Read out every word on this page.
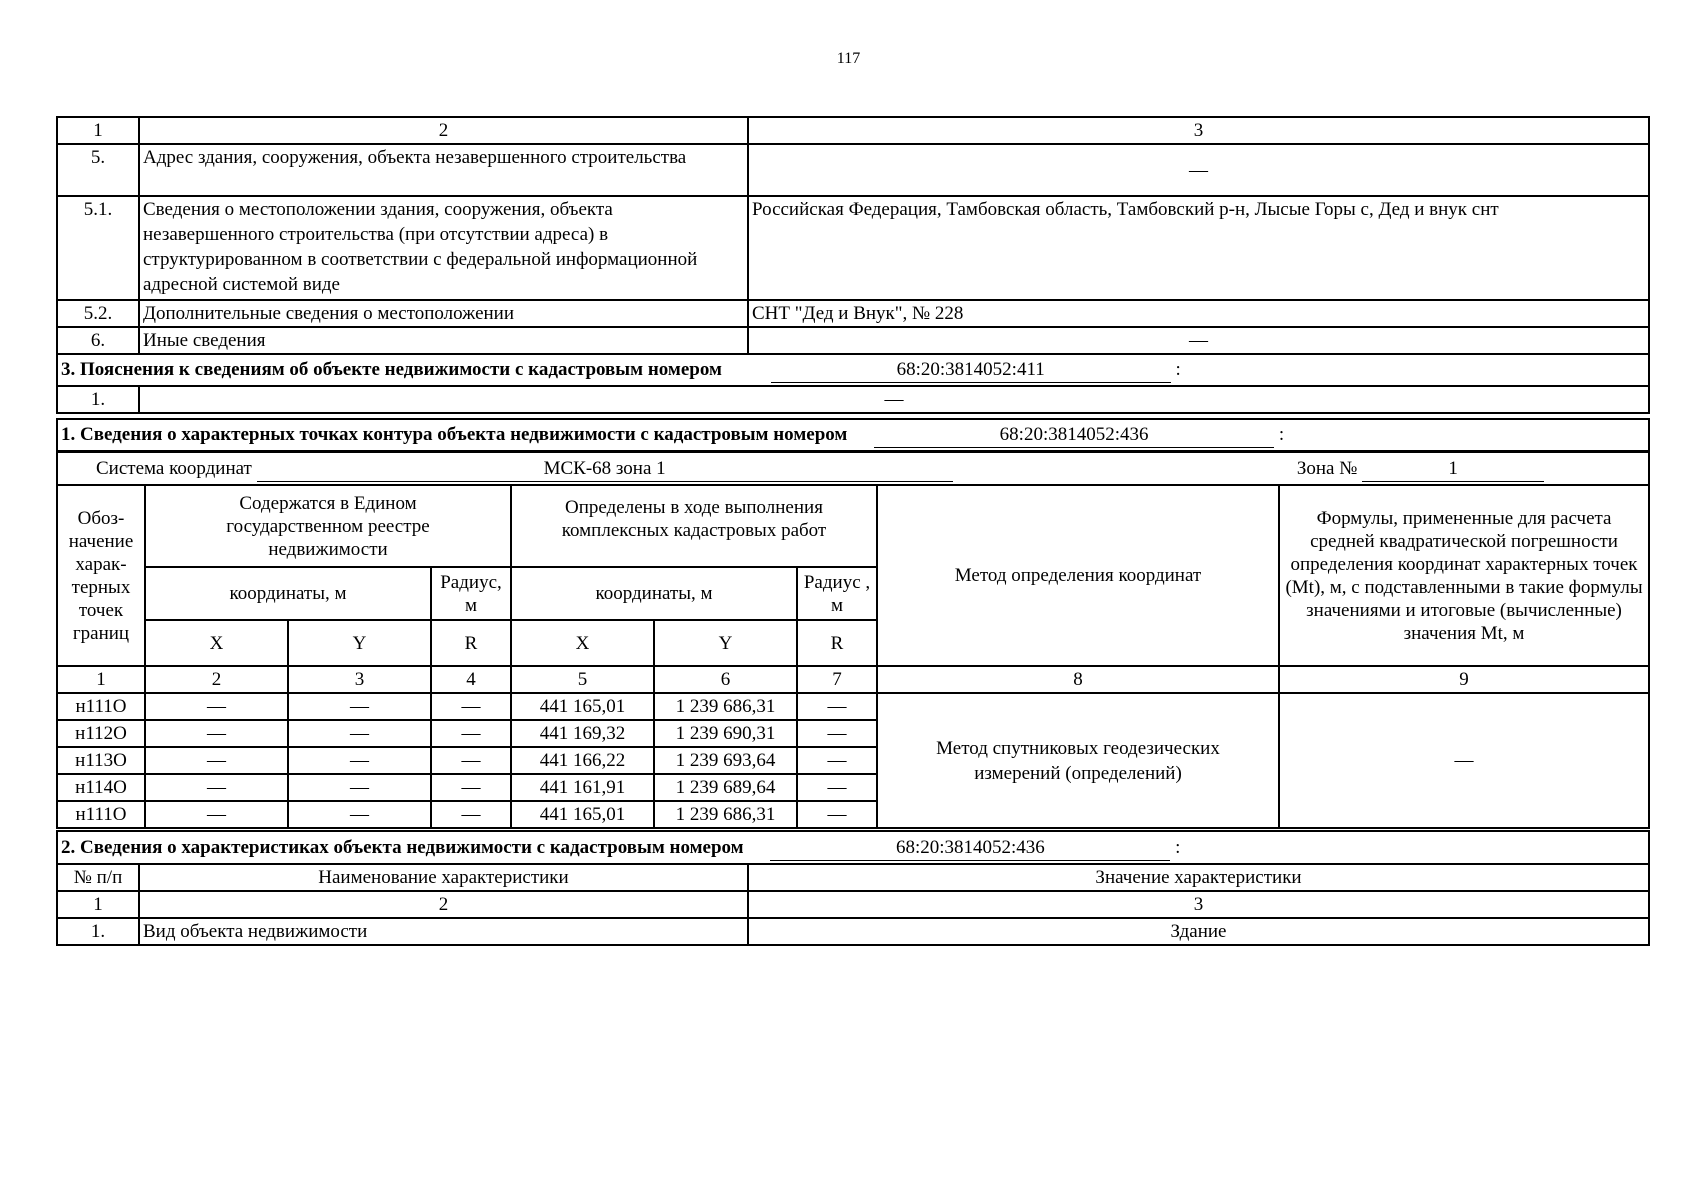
117
1	2	3
5.	Адрес здания, сооружения, объекта незавершенного строительства	—
5.1.	Сведения о местоположении здания, сооружения, объекта незавершенного строительства (при отсутствии адреса) в структурированном в соответствии с федеральной информационной адресной системой виде	Российская Федерация, Тамбовская область, Тамбовский р-н, Лысые Горы с, Дед и внук снт
5.2.	Дополнительные сведения о местоположении	СНТ "Дед и Внук", № 228
6.	Иные сведения	—
3. Пояснения к сведениям об объекте недвижимости с кадастровым номером 68:20:3814052:411 :		
1.	—	

1. Сведения о характерных точках контура объекта недвижимости с кадастровым номером 68:20:3814052:436 :		
Система координат МСК-68 зона 1 Зона № 1								
Обоз-начение харак-терных точек границ	Содержатся в Едином государственном реестре недвижимости			Определены в ходе выполнения комплексных кадастровых работ			Метод определения координат	Формулы, примененные для расчета средней квадратической погрешности определения координат характерных точек (Mt), м, с подставленными в такие формулы значениями и итоговые (вычисленные) значения Mt, м
	координаты, м		Радиус, м	координаты, м		Радиус , м		
	X	Y	R	X	Y	R		
1	2	3	4	5	6	7	8	9
н111О	—	—	—	441 165,01	1 239 686,31	—	Метод спутниковых геодезических измерений (определений)	—
н112О	—	—	—	441 169,32	1 239 690,31	—		
н113О	—	—	—	441 166,22	1 239 693,64	—		
н114О	—	—	—	441 161,91	1 239 689,64	—		
н111О	—	—	—	441 165,01	1 239 686,31	—		
2. Сведения о характеристиках объекта недвижимости с кадастровым номером 68:20:3814052:436 :		
№ п/п	Наименование характеристики	Значение характеристики
1	2	3
1.	Вид объекта недвижимости	Здание
